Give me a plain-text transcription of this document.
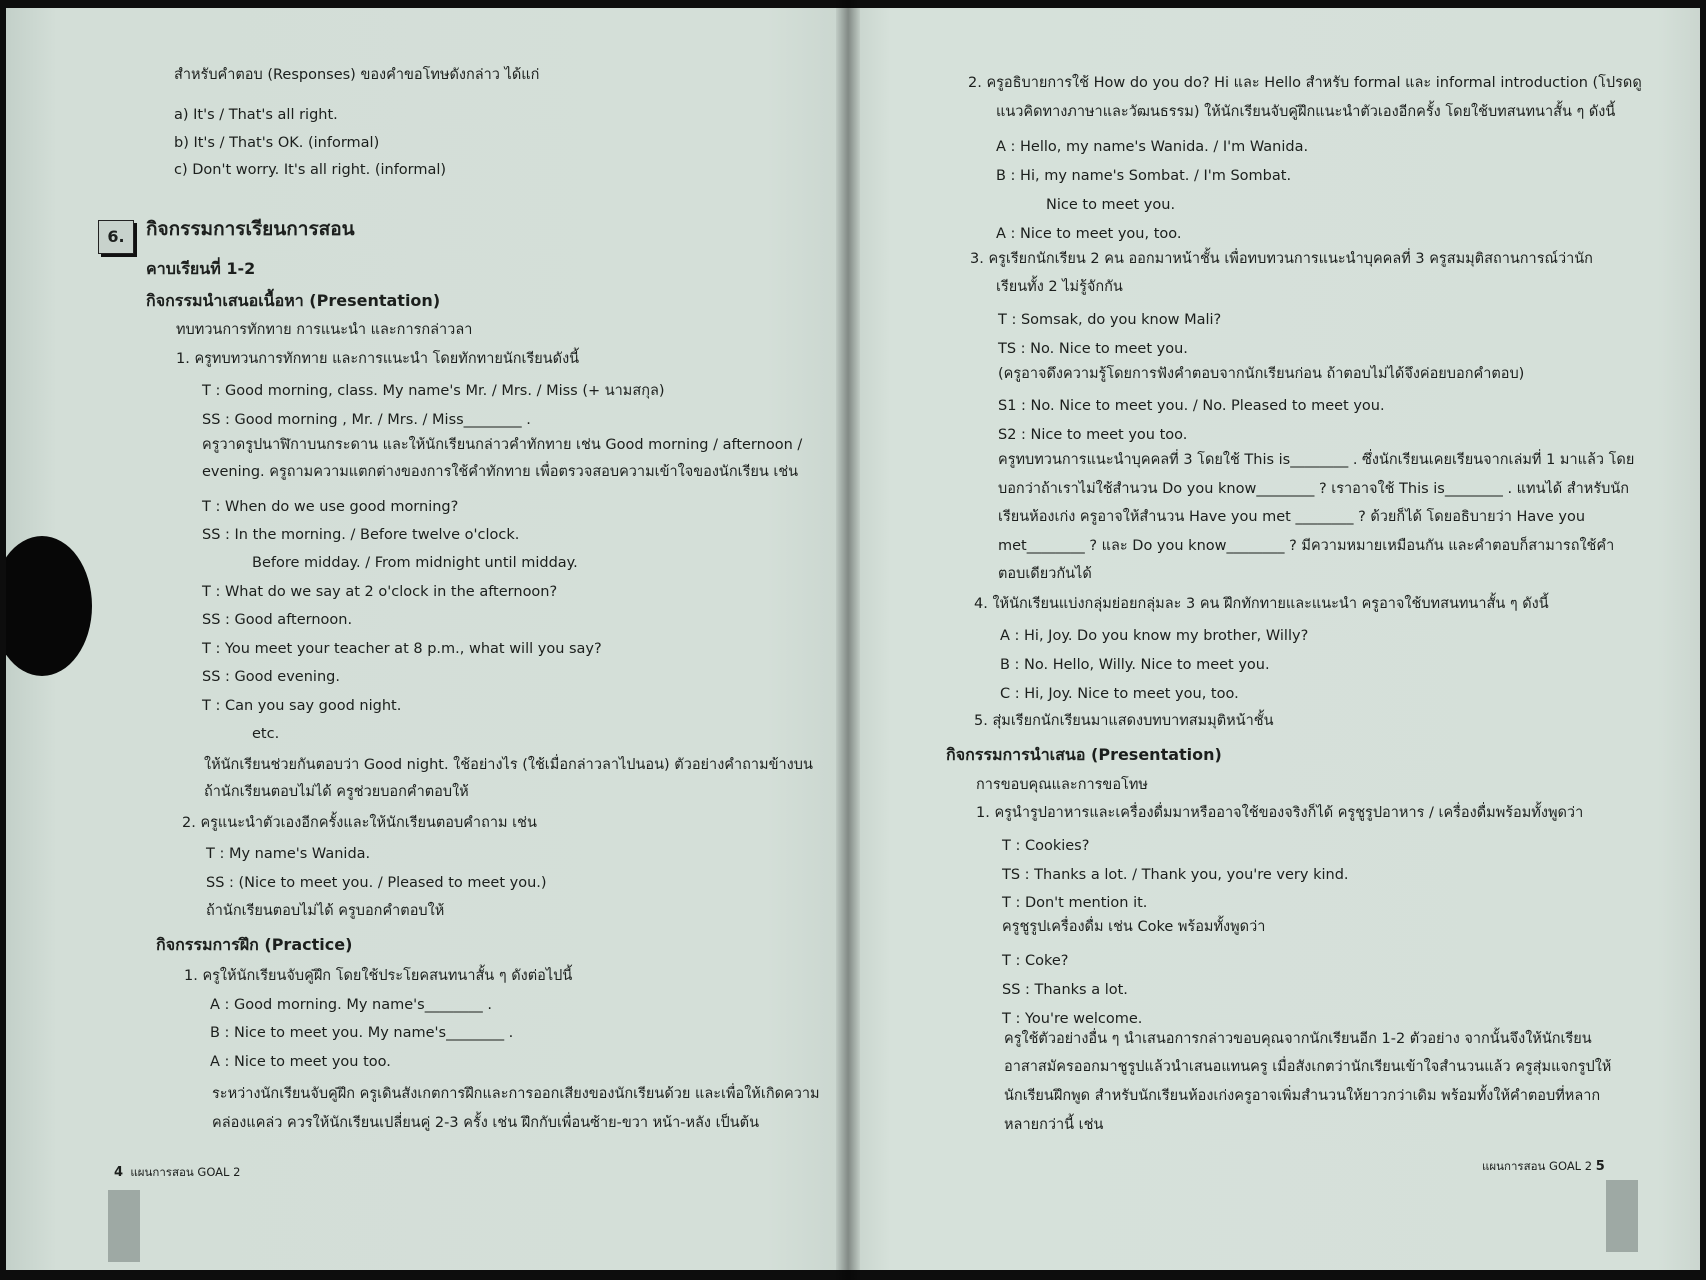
สำหรับคำตอบ (Responses) ของคำขอโทษดังกล่าว ได้แก่
a) It's / That's all right.
b) It's / That's OK. (informal)
c) Don't worry. It's all right. (informal)
6.	กิจกรรมการเรียนการสอน
คาบเรียนที่ 1-2
กิจกรรมนำเสนอเนื้อหา (Presentation)
ทบทวนการทักทาย การแนะนำ และการกล่าวลา
1. ครูทบทวนการทักทาย และการแนะนำ โดยทักทายนักเรียนดังนี้
T : Good morning, class. My name's Mr. / Mrs. / Miss (+ นามสกุล)
SS : Good morning , Mr. / Mrs. / Miss________ .
ครูวาดรูปนาฬิกาบนกระดาน และให้นักเรียนกล่าวคำทักทาย เช่น Good morning / afternoon /
evening. ครูถามความแตกต่างของการใช้คำทักทาย เพื่อตรวจสอบความเข้าใจของนักเรียน เช่น
T : When do we use good morning?
SS : In the morning. / Before twelve o'clock.
Before midday. / From midnight until midday.
T : What do we say at 2 o'clock in the afternoon?
SS : Good afternoon.
T : You meet your teacher at 8 p.m., what will you say?
SS : Good evening.
T : Can you say good night.
etc.
ให้นักเรียนช่วยกันตอบว่า Good night. ใช้อย่างไร (ใช้เมื่อกล่าวลาไปนอน) ตัวอย่างคำถามข้างบน
ถ้านักเรียนตอบไม่ได้ ครูช่วยบอกคำตอบให้
2. ครูแนะนำตัวเองอีกครั้งและให้นักเรียนตอบคำถาม เช่น
T : My name's Wanida.
SS : (Nice to meet you. / Pleased to meet you.)
ถ้านักเรียนตอบไม่ได้ ครูบอกคำตอบให้
กิจกรรมการฝึก (Practice)
1. ครูให้นักเรียนจับคู่ฝึก โดยใช้ประโยคสนทนาสั้น ๆ ดังต่อไปนี้
A : Good morning. My name's________ .
B : Nice to meet you. My name's________ .
A : Nice to meet you too.
ระหว่างนักเรียนจับคู่ฝึก ครูเดินสังเกตการฝึกและการออกเสียงของนักเรียนด้วย และเพื่อให้เกิดความ
คล่องแคล่ว ควรให้นักเรียนเปลี่ยนคู่ 2-3 ครั้ง เช่น ฝึกกับเพื่อนซ้าย-ขวา หน้า-หลัง เป็นต้น
4 แผนการสอน GOAL 2
2. ครูอธิบายการใช้ How do you do? Hi และ Hello สำหรับ formal และ informal introduction (โปรดดู
แนวคิดทางภาษาและวัฒนธรรม) ให้นักเรียนจับคู่ฝึกแนะนำตัวเองอีกครั้ง โดยใช้บทสนทนาสั้น ๆ ดังนี้
A : Hello, my name's Wanida. / I'm Wanida.
B : Hi, my name's Sombat. / I'm Sombat.
Nice to meet you.
A : Nice to meet you, too.
3. ครูเรียกนักเรียน 2 คน ออกมาหน้าชั้น เพื่อทบทวนการแนะนำบุคคลที่ 3 ครูสมมุติสถานการณ์ว่านัก
เรียนทั้ง 2 ไม่รู้จักกัน
T : Somsak, do you know Mali?
TS : No. Nice to meet you.
(ครูอาจดึงความรู้โดยการฟังคำตอบจากนักเรียนก่อน ถ้าตอบไม่ได้จึงค่อยบอกคำตอบ)
S1 : No. Nice to meet you. / No. Pleased to meet you.
S2 : Nice to meet you too.
ครูทบทวนการแนะนำบุคคลที่ 3 โดยใช้ This is________ . ซึ่งนักเรียนเคยเรียนจากเล่มที่ 1 มาแล้ว โดย
บอกว่าถ้าเราไม่ใช้สำนวน Do you know________ ? เราอาจใช้ This is________ . แทนได้ สำหรับนัก
เรียนห้องเก่ง ครูอาจให้สำนวน Have you met ________ ? ด้วยก็ได้ โดยอธิบายว่า Have you
met________ ? และ Do you know________ ? มีความหมายเหมือนกัน และคำตอบก็สามารถใช้คำ
ตอบเดียวกันได้
4. ให้นักเรียนแบ่งกลุ่มย่อยกลุ่มละ 3 คน ฝึกทักทายและแนะนำ ครูอาจใช้บทสนทนาสั้น ๆ ดังนี้
A : Hi, Joy. Do you know my brother, Willy?
B : No. Hello, Willy. Nice to meet you.
C : Hi, Joy. Nice to meet you, too.
5. สุ่มเรียกนักเรียนมาแสดงบทบาทสมมุติหน้าชั้น
กิจกรรมการนำเสนอ (Presentation)
การขอบคุณและการขอโทษ
1. ครูนำรูปอาหารและเครื่องดื่มมาหรืออาจใช้ของจริงก็ได้ ครูชูรูปอาหาร / เครื่องดื่มพร้อมทั้งพูดว่า
T : Cookies?
TS : Thanks a lot. / Thank you, you're very kind.
T : Don't mention it.
ครูชูรูปเครื่องดื่ม เช่น Coke พร้อมทั้งพูดว่า
T : Coke?
SS : Thanks a lot.
T : You're welcome.
ครูใช้ตัวอย่างอื่น ๆ นำเสนอการกล่าวขอบคุณจากนักเรียนอีก 1-2 ตัวอย่าง จากนั้นจึงให้นักเรียน
อาสาสมัครออกมาชูรูปแล้วนำเสนอแทนครู เมื่อสังเกตว่านักเรียนเข้าใจสำนวนแล้ว ครูสุ่มแจกรูปให้
นักเรียนฝึกพูด สำหรับนักเรียนห้องเก่งครูอาจเพิ่มสำนวนให้ยาวกว่าเดิม พร้อมทั้งให้คำตอบที่หลาก
หลายกว่านี้ เช่น
แผนการสอน GOAL 2 5
